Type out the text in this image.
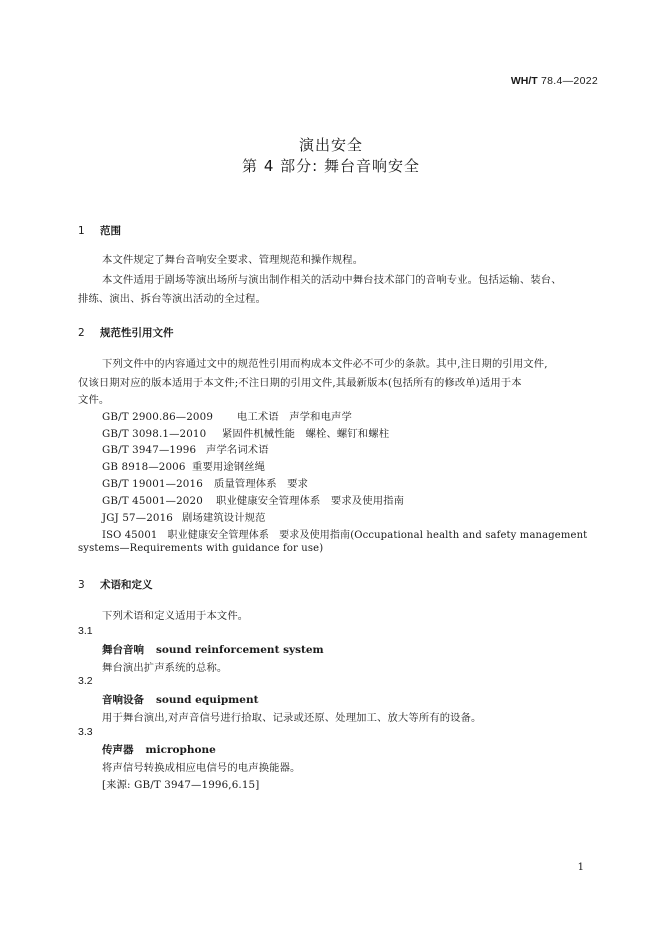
WH/T 78.4—2022
演出安全
第 4 部分: 舞台音响安全
1 范围
本文件规定了舞台音响安全要求、管理规范和操作规程。
本文件适用于剧场等演出场所与演出制作相关的活动中舞台技术部门的音响专业。包括运输、装台、
排练、演出、拆台等演出活动的全过程。
2 规范性引用文件
下列文件中的内容通过文中的规范性引用而构成本文件必不可少的条款。其中,注日期的引用文件,
仅该日期对应的版本适用于本文件;不注日期的引用文件,其最新版本(包括所有的修改单)适用于本
文件。
GB/T 2900.86—2009 电工术语　声学和电声学
GB/T 3098.1—2010 紧固件机械性能　螺栓、螺钉和螺柱
GB/T 3947—1996 声学名词术语
GB 8918—2006 重要用途钢丝绳
GB/T 19001—2016 质量管理体系　要求
GB/T 45001—2020 职业健康安全管理体系　要求及使用指南
JGJ 57—2016 剧场建筑设计规范
ISO 45001　职业健康安全管理体系　要求及使用指南(Occupational health and safety management
systems—Requirements with guidance for use)
3 术语和定义
下列术语和定义适用于本文件。
3.1
舞台音响 sound reinforcement system
舞台演出扩声系统的总称。
3.2
音响设备 sound equipment
用于舞台演出,对声音信号进行拾取、记录或还原、处理加工、放大等所有的设备。
3.3
传声器 microphone
将声信号转换成相应电信号的电声换能器。
[来源: GB/T 3947—1996,6.15]
1
